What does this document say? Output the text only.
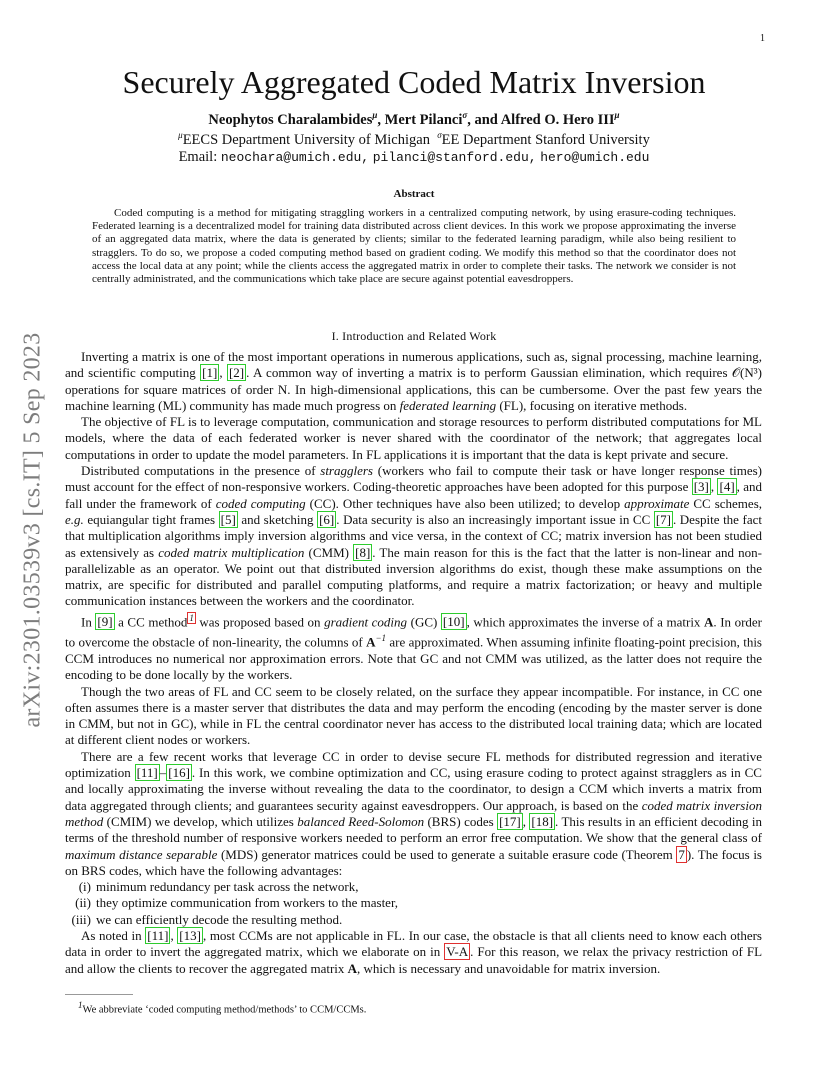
1
arXiv:2301.03539v3 [cs.IT] 5 Sep 2023
Securely Aggregated Coded Matrix Inversion
Neophytos Charalambides$^\mu$, Mert Pilanci$^\sigma$, and Alfred O. Hero $III^\mu$
$^\mu$EECS Department University of Michigan $^\sigma$EE Department Stanford University
Email: neochara@umich.edu, pilanci@stanford.edu, hero@umich.edu
Abstract

Coded computing is a method for mitigating straggling workers in a centralized computing network, by using erasure-coding techniques. Federated learning is a decentralized model for training data distributed across client devices. In this work we propose approximating the inverse of an aggregated data matrix, where the data is generated by clients; similar to the federated learning paradigm, while also being resilient to stragglers. To do so, we propose a coded computing method based on gradient coding. We modify this method so that the coordinator does not access the local data at any point; while the clients access the aggregated matrix in order to complete their tasks. The network we consider is not centrally administrated, and the communications which take place are secure against potential eavesdroppers.

I. Introduction and Related Work

Inverting a matrix is one of the most important operations in numerous applications, such as, signal processing, machine learning, and scientific computing [1] , [2] . A common way of inverting a matrix is to perform Gaussian elimination, which requires 𝒪(N³) operations for square matrices of order N. In high-dimensional applications, this can be cumbersome. Over the past few years the machine learning (ML) community has made much progress on federated learning (FL), focusing on iterative methods.

The objective of FL is to leverage computation, communication and storage resources to perform distributed computations for ML models, where the data of each federated worker is never shared with the coordinator of the network; that aggregates local computations in order to update the model parameters. In FL applications it is important that the data is kept private and secure.

Distributed computations in the presence of stragglers (workers who fail to compute their task or have longer response times) must account for the effect of non-responsive workers. Coding-theoretic approaches have been adopted for this purpose [3] , [4] , and fall under the framework of coded computing (CC). Other techniques have also been utilized; to develop approximate CC schemes, e.g. equiangular tight frames [5] and sketching [6] . Data security is also an increasingly important issue in CC [7] . Despite the fact that multiplication algorithms imply inversion algorithms and vice versa, in the context of CC; matrix inversion has not been studied as extensively as coded matrix multiplication (CMM) [8] . The main reason for this is the fact that the latter is non-linear and non-parallelizable as an operator. We point out that distributed inversion algorithms do exist, though these make assumptions on the matrix, are specific for distributed and parallel computing platforms, and require a matrix factorization; or heavy and multiple communication instances between the workers and the coordinator.

In [9] a CC method $^1$ was proposed based on gradient coding (GC) [10] , which approximates the inverse of a matrix A. In order to overcome the obstacle of non-linearity, the columns of $A^{-1}$ are approximated. When assuming infinite floating-point precision, this CCM introduces no numerical nor approximation errors. Note that GC and not CMM was utilized, as the latter does not require the encoding to be done locally by the workers.

Though the two areas of FL and CC seem to be closely related, on the surface they appear incompatible. For instance, in CC one often assumes there is a master server that distributes the data and may perform the encoding (encoding by the master server is done in CMM, but not in GC), while in FL the central coordinator never has access to the distributed local training data; which are located at different client nodes or workers.

There are a few recent works that leverage CC in order to devise secure FL methods for distributed regression and iterative optimization [11] – [16] . In this work, we combine optimization and CC, using erasure coding to protect against stragglers as in CC and locally approximating the inverse without revealing the data to the coordinator, to design a CCM which inverts a matrix from data aggregated through clients; and guarantees security against eavesdroppers. Our approach, is based on the coded matrix inversion method (CMIM) we develop, which utilizes balanced Reed-Solomon (BRS) codes [17] , [18] . This results in an efficient decoding in terms of the threshold number of responsive workers needed to perform an error free computation. We show that the general class of maximum distance separable (MDS) generator matrices could be used to generate a suitable erasure code (Theorem 7 ). The focus is on BRS codes, which have the following advantages:

(i) minimum redundancy per task across the network,
(ii) they optimize communication from workers to the master,
(iii) we can efficiently decode the resulting method.

As noted in [11] , [13] , most CCMs are not applicable in FL. In our case, the obstacle is that all clients need to know each others data in order to invert the aggregated matrix, which we elaborate on in V-A . For this reason, we relax the privacy restriction of FL and allow the clients to recover the aggregated matrix A, which is necessary and unavoidable for matrix inversion.

$^1$We abbreviate ‘coded computing method/methods’ to CCM/CCMs.
